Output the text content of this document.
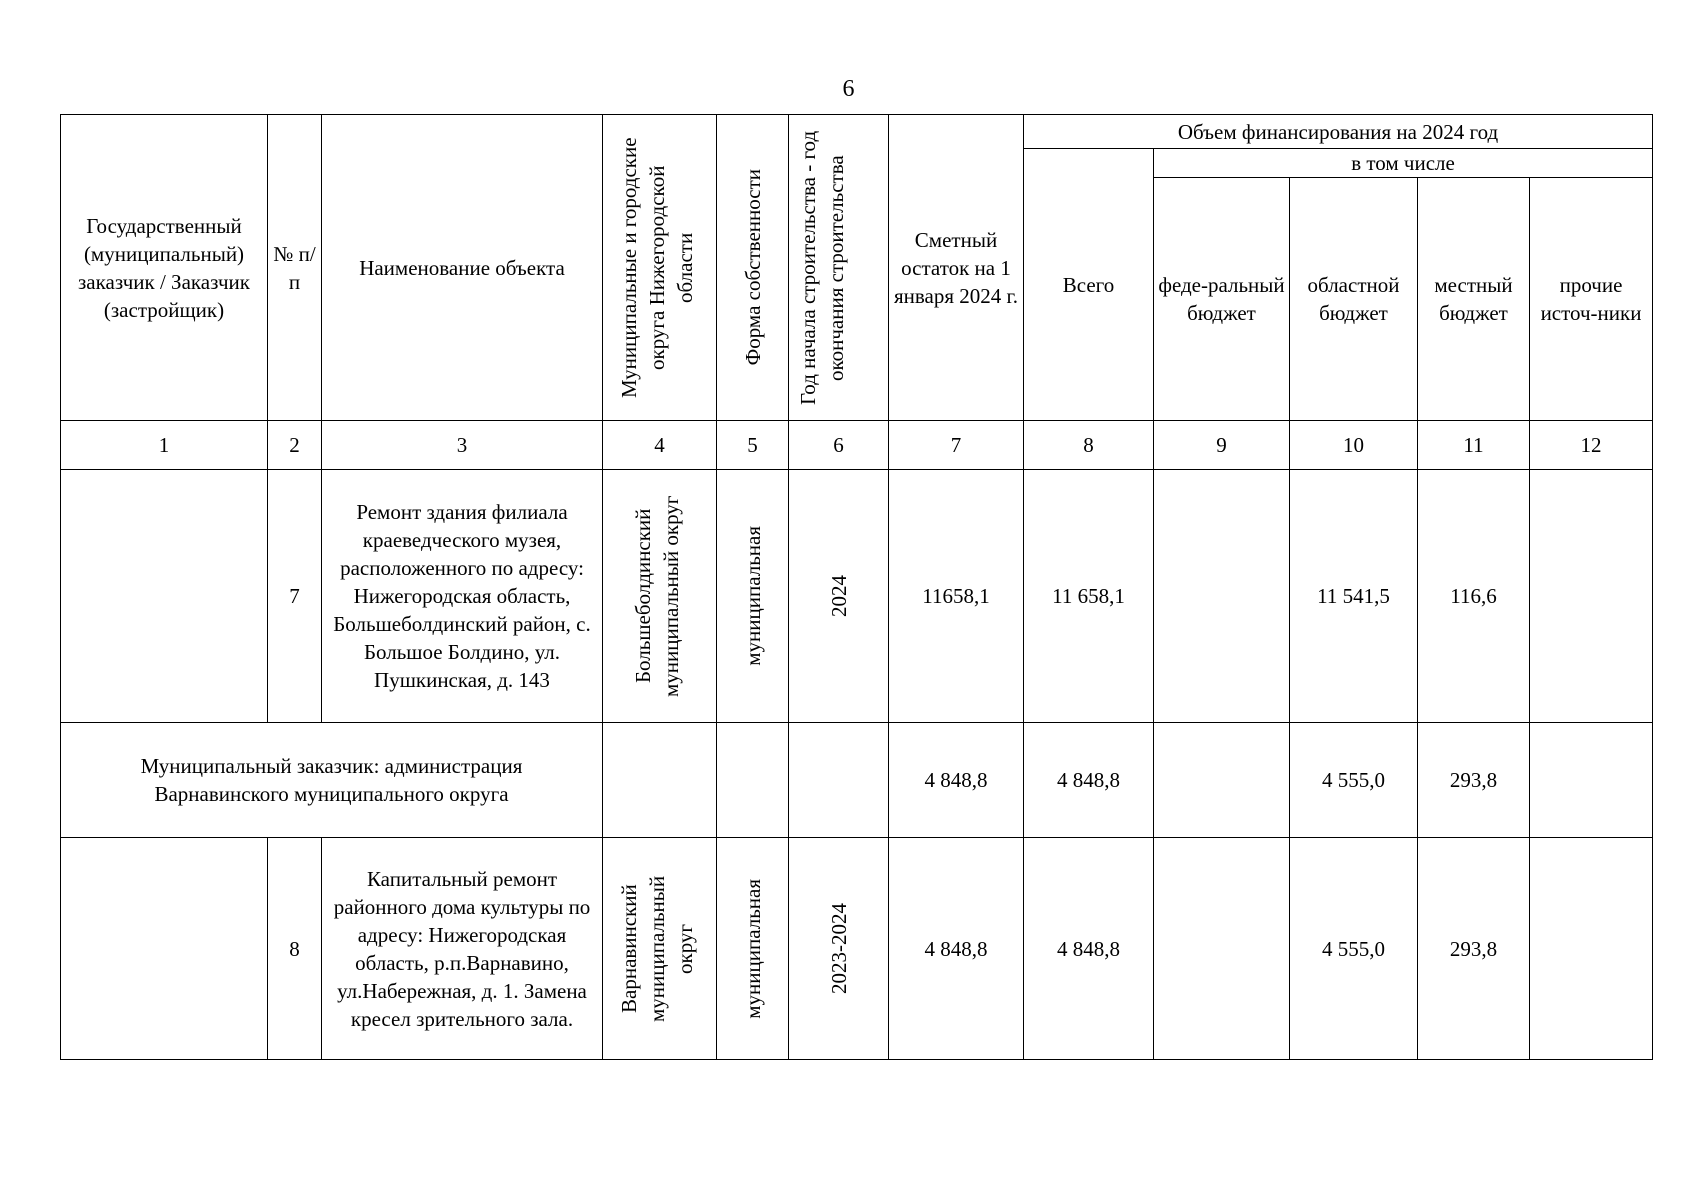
6
Государственный (муниципальный) заказчик / Заказчик (застройщик)	№ п/п	Наименование объекта	Муниципальные и городские округа Нижегородской области	Форма собственности	Год начала строительства - год окончания строительства	Сметный остаток на 1 января 2024 г.	Объем финансирования на 2024 год				
							Всего	в том числе			
								феде-ральный бюджет	областной бюджет	местный бюджет	прочие источ-ники
1	2	3	4	5	6	7	8	9	10	11	12
	7	Ремонт здания филиала краеведческого музея, расположенного по адресу: Нижегородская область, Большеболдинский район, с. Большое Болдино, ул. Пушкинская, д. 143	Большеболдинский муниципальный округ	муниципальная	2024	11658,1	11 658,1		11 541,5	116,6	
Муниципальный заказчик: администрация Варнавинского муниципального округа						4 848,8	4 848,8		4 555,0	293,8	
	8	Капитальный ремонт районного дома культуры по адресу: Нижегородская область, р.п.Варнавино, ул.Набережная, д. 1. Замена кресел зрительного зала.	Варнавинский муниципальный округ	муниципальная	2023-2024	4 848,8	4 848,8		4 555,0	293,8	
